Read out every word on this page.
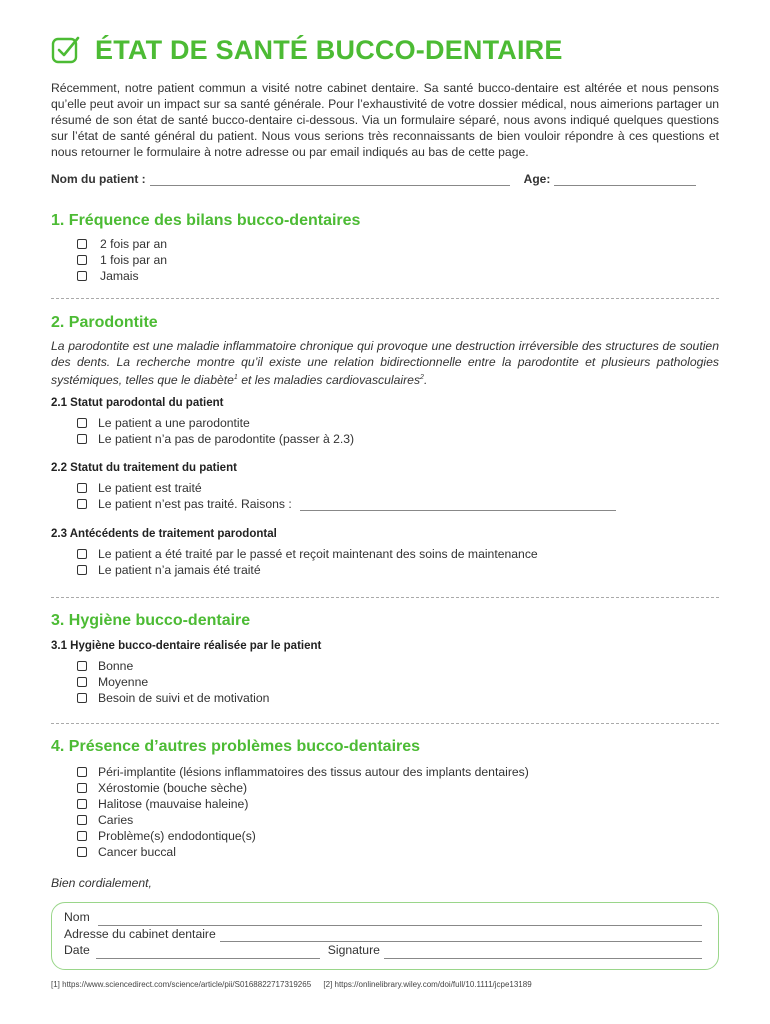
ÉTAT DE SANTÉ BUCCO-DENTAIRE

Récemment, notre patient commun a visité notre cabinet dentaire. Sa santé bucco-dentaire est altérée et nous pensons qu’elle peut avoir un impact sur sa santé générale. Pour l’exhaustivité de votre dossier médical, nous aimerions partager un résumé de son état de santé bucco-dentaire ci-dessous. Via un formulaire séparé, nous avons indiqué quelques questions sur l’état de santé général du patient. Nous vous serions très reconnaissants de bien vouloir répondre à ces questions et nous retourner le formulaire à notre adresse ou par email indiqués au bas de cette page.

Nom du patient :	Age:
1. Fréquence des bilans bucco-dentaires
2 fois par an
1 fois par an
Jamais
2. Parodontite

La parodontite est une maladie inflammatoire chronique qui provoque une destruction irréversible des structures de soutien des dents. La recherche montre qu’il existe une relation bidirectionnelle entre la parodontite et plusieurs pathologies systémiques, telles que le diabète$^1$ et les maladies cardiovasculaires$^2$.

2.1 Statut parodontal du patient
Le patient a une parodontite
Le patient n’a pas de parodontite (passer à 2.3)
2.2 Statut du traitement du patient
Le patient est traité
Le patient n’est pas traité. Raisons :
2.3 Antécédents de traitement parodontal
Le patient a été traité par le passé et reçoit maintenant des soins de maintenance
Le patient n’a jamais été traité
3. Hygiène bucco-dentaire
3.1 Hygiène bucco-dentaire réalisée par le patient
Bonne
Moyenne
Besoin de suivi et de motivation
4. Présence d’autres problèmes bucco-dentaires
Péri-implantite (lésions inflammatoires des tissus autour des implants dentaires)
Xérostomie (bouche sèche)
Halitose (mauvaise haleine)
Caries
Problème(s) endodontique(s)
Cancer buccal

Bien cordialement,

Nom
Adresse du cabinet dentaire
Date	Signature
[1] https://www.sciencedirect.com/science/article/pii/S0168822717319265 [2] https://onlinelibrary.wiley.com/doi/full/10.1111/jcpe13189
